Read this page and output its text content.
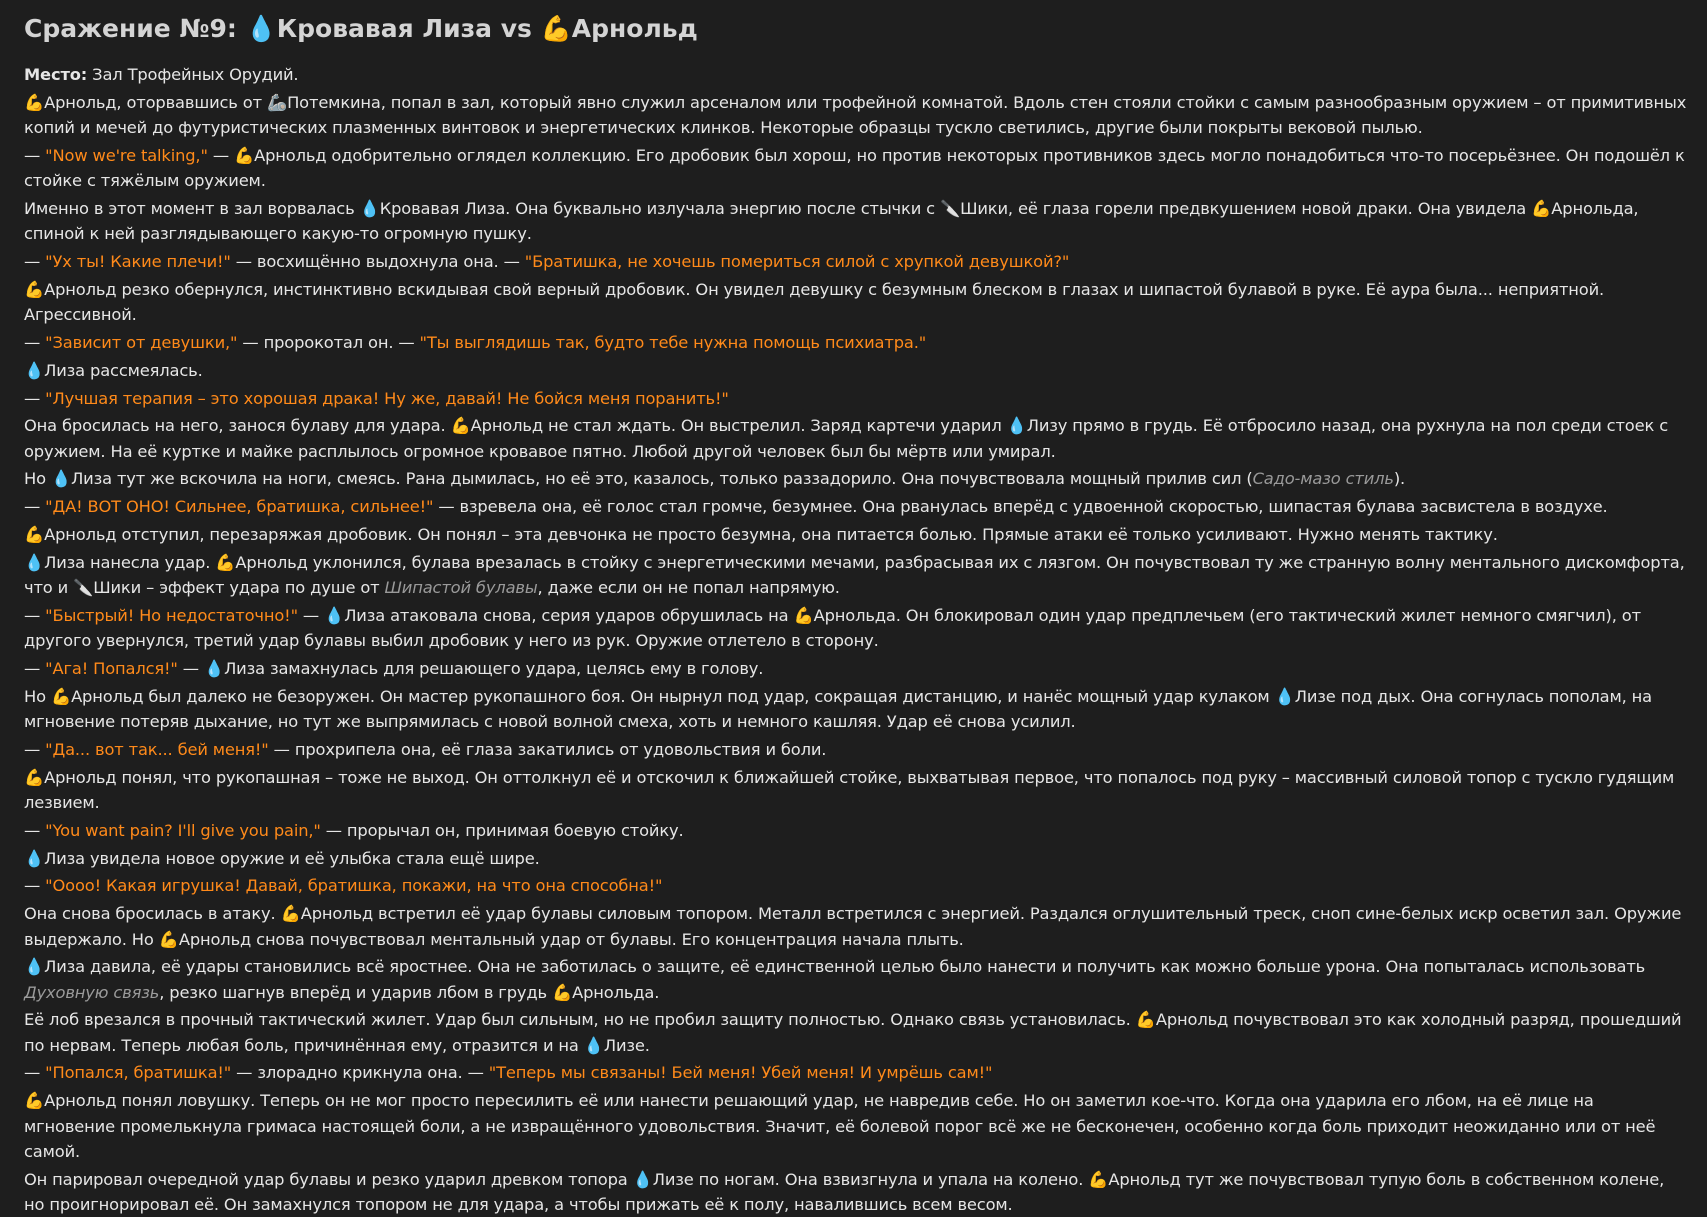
Сражение №9: 💧Кровавая Лиза vs 💪Арнольд
Место: Зал Трофейных Орудий.
💪Арнольд, оторвавшись от 🦾Потемкина, попал в зал, который явно служил арсеналом или трофейной комнатой. Вдоль стен стояли стойки с самым разнообразным оружием – от примитивных копий и мечей до футуристических плазменных винтовок и энергетических клинков. Некоторые образцы тускло светились, другие были покрыты вековой пылью.
— "Now we're talking," — 💪Арнольд одобрительно оглядел коллекцию. Его дробовик был хорош, но против некоторых противников здесь могло понадобиться что-то посерьёзнее. Он подошёл к стойке с тяжёлым оружием.
Именно в этот момент в зал ворвалась 💧Кровавая Лиза. Она буквально излучала энергию после стычки с 🔪Шики, её глаза горели предвкушением новой драки. Она увидела 💪Арнольда, спиной к ней разглядывающего какую-то огромную пушку.
— "Ух ты! Какие плечи!" — восхищённо выдохнула она. — "Братишка, не хочешь помериться силой с хрупкой девушкой?"
💪Арнольд резко обернулся, инстинктивно вскидывая свой верный дробовик. Он увидел девушку с безумным блеском в глазах и шипастой булавой в руке. Её аура была... неприятной. Агрессивной.
— "Зависит от девушки," — пророкотал он. — "Ты выглядишь так, будто тебе нужна помощь психиатра."
💧Лиза рассмеялась.
— "Лучшая терапия – это хорошая драка! Ну же, давай! Не бойся меня поранить!"
Она бросилась на него, занося булаву для удара. 💪Арнольд не стал ждать. Он выстрелил. Заряд картечи ударил 💧Лизу прямо в грудь. Её отбросило назад, она рухнула на пол среди стоек с оружием. На её куртке и майке расплылось огромное кровавое пятно. Любой другой человек был бы мёртв или умирал.
Но 💧Лиза тут же вскочила на ноги, смеясь. Рана дымилась, но её это, казалось, только раззадорило. Она почувствовала мощный прилив сил (Садо-мазо стиль).
— "ДА! ВОТ ОНО! Сильнее, братишка, сильнее!" — взревела она, её голос стал громче, безумнее. Она рванулась вперёд с удвоенной скоростью, шипастая булава засвистела в воздухе.
💪Арнольд отступил, перезаряжая дробовик. Он понял – эта девчонка не просто безумна, она питается болью. Прямые атаки её только усиливают. Нужно менять тактику.
💧Лиза нанесла удар. 💪Арнольд уклонился, булава врезалась в стойку с энергетическими мечами, разбрасывая их с лязгом. Он почувствовал ту же странную волну ментального дискомфорта, что и 🔪Шики – эффект удара по душе от Шипастой булавы, даже если он не попал напрямую.
— "Быстрый! Но недостаточно!" — 💧Лиза атаковала снова, серия ударов обрушилась на 💪Арнольда. Он блокировал один удар предплечьем (его тактический жилет немного смягчил), от другого увернулся, третий удар булавы выбил дробовик у него из рук. Оружие отлетело в сторону.
— "Ага! Попался!" — 💧Лиза замахнулась для решающего удара, целясь ему в голову.
Но 💪Арнольд был далеко не безоружен. Он мастер рукопашного боя. Он нырнул под удар, сокращая дистанцию, и нанёс мощный удар кулаком 💧Лизе под дых. Она согнулась пополам, на мгновение потеряв дыхание, но тут же выпрямилась с новой волной смеха, хоть и немного кашляя. Удар её снова усилил.
— "Да... вот так... бей меня!" — прохрипела она, её глаза закатились от удовольствия и боли.
💪Арнольд понял, что рукопашная – тоже не выход. Он оттолкнул её и отскочил к ближайшей стойке, выхватывая первое, что попалось под руку – массивный силовой топор с тускло гудящим лезвием.
— "You want pain? I'll give you pain," — прорычал он, принимая боевую стойку.
💧Лиза увидела новое оружие и её улыбка стала ещё шире.
— "Оооо! Какая игрушка! Давай, братишка, покажи, на что она способна!"
Она снова бросилась в атаку. 💪Арнольд встретил её удар булавы силовым топором. Металл встретился с энергией. Раздался оглушительный треск, сноп сине-белых искр осветил зал. Оружие выдержало. Но 💪Арнольд снова почувствовал ментальный удар от булавы. Его концентрация начала плыть.
💧Лиза давила, её удары становились всё яростнее. Она не заботилась о защите, её единственной целью было нанести и получить как можно больше урона. Она попыталась использовать Духовную связь, резко шагнув вперёд и ударив лбом в грудь 💪Арнольда.
Её лоб врезался в прочный тактический жилет. Удар был сильным, но не пробил защиту полностью. Однако связь установилась. 💪Арнольд почувствовал это как холодный разряд, прошедший по нервам. Теперь любая боль, причинённая ему, отразится и на 💧Лизе.
— "Попался, братишка!" — злорадно крикнула она. — "Теперь мы связаны! Бей меня! Убей меня! И умрёшь сам!"
💪Арнольд понял ловушку. Теперь он не мог просто пересилить её или нанести решающий удар, не навредив себе. Но он заметил кое-что. Когда она ударила его лбом, на её лице на мгновение промелькнула гримаса настоящей боли, а не извращённого удовольствия. Значит, её болевой порог всё же не бесконечен, особенно когда боль приходит неожиданно или от неё самой.
Он парировал очередной удар булавы и резко ударил древком топора 💧Лизе по ногам. Она взвизгнула и упала на колено. 💪Арнольд тут же почувствовал тупую боль в собственном колене, но проигнорировал её. Он замахнулся топором не для удара, а чтобы прижать её к полу, навалившись всем весом.
